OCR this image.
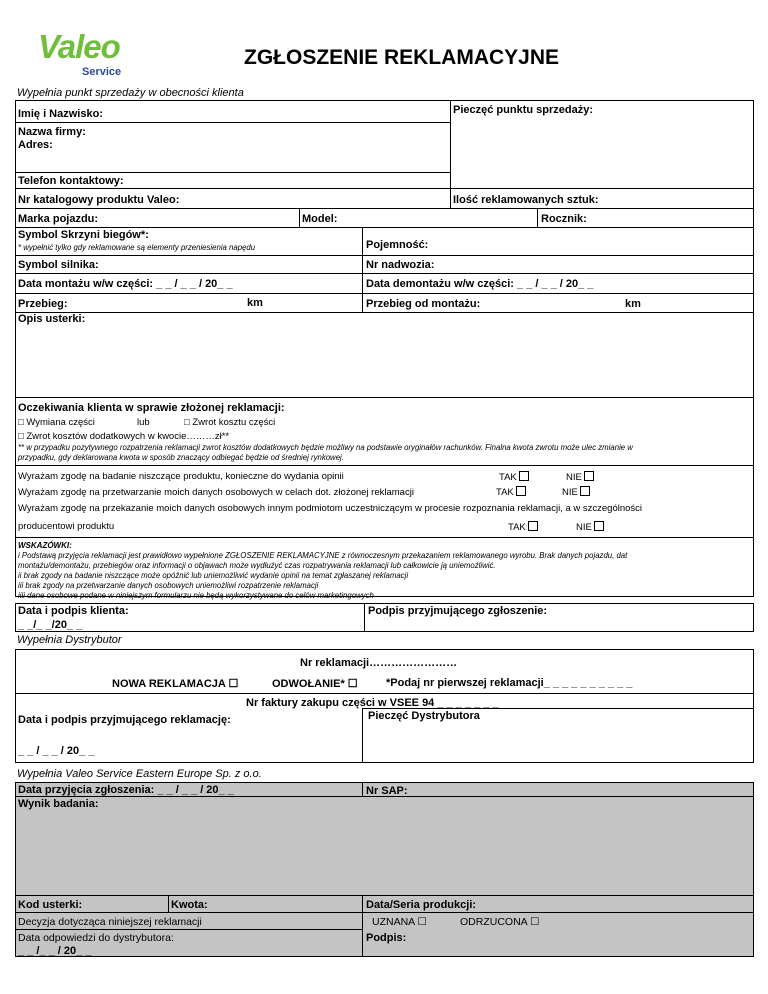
Valeo
Service
ZGŁOSZENIE REKLAMACYJNE
Wypełnia punkt sprzedaży w obecności klienta
Imię i Nazwisko:	Pieczęć punktu sprzedaży:
Nazwa firmy:
Adres:
Telefon kontaktowy:
Nr katalogowy produktu Valeo:	Ilość reklamowanych sztuk:
Marka pojazdu:	Model:	Rocznik:
Symbol Skrzyni biegów*:
* wypełnić tylko gdy reklamowane są elementy przeniesienia napędu	Pojemność:
Symbol silnika:	Nr nadwozia:
Data montażu w/w części: _ _ / _ _ / 20_ _	Data demontażu w/w części: _ _ / _ _ / 20_ _
Przebieg:	km	Przebieg od montażu:	km
Opis usterki:
Oczekiwania klienta w sprawie złożonej reklamacji:
□ Wymiana części	lub	□ Zwrot kosztu części
□ Zwrot kosztów dodatkowych w kwocie………zł**
** w przypadku pozytywnego rozpatrzenia reklamacji zwrot kosztów dodatkowych będzie możliwy na podstawie oryginałów rachunków. Finalna kwota zwrotu może ulec zmianie w
przypadku, gdy deklarowana kwota w sposób znaczący odbiegać będzie od średniej rynkowej.
Wyrażam zgodę na badanie niszczące produktu, konieczne do wydania opinii	TAK	NIE
Wyrażam zgodę na przetwarzanie moich danych osobowych w celach dot. złożonej reklamacji	TAK	NIE
Wyrażam zgodę na przekazanie moich danych osobowych innym podmiotom uczestniczącym w procesie rozpoznania reklamacji, a w szczególności
producentowi produktu	TAK	NIE
WSKAZÓWKI:
i Podstawą przyjęcia reklamacji jest prawidłowo wypełnione ZGŁOSZENIE REKLAMACYJNE z równoczesnym przekazaniem reklamowanego wyrobu. Brak danych pojazdu, dat
montażu/demontażu, przebiegów oraz informacji o objawach może wydłużyć czas rozpatrywania reklamacji lub całkowicie ją uniemożliwić.
ii brak zgody na badanie niszczące może opóźnić lub uniemożliwić wydanie opinii na temat zgłaszanej reklamacji
iii brak zgody na przetwarzanie danych osobowych uniemożliwi rozpatrzenie reklamacji
iiii dane osobowe podane w niniejszym formularzu nie będą wykorzystywane do celów marketingowych
Data i podpis klienta:
_ _/_ _/20_ _
Podpis przyjmującego zgłoszenie:
Wypełnia Dystrybutor
Nr reklamacji……………………
NOWA REKLAMACJA ☐	ODWOŁANIE* ☐	*Podaj nr pierwszej reklamacji_ _ _ _ _ _ _ _ _ _
Nr faktury zakupu części w VSEE 94 _ _ _ _ _ _ _
Data i podpis przyjmującego reklamację:	Pieczęć Dystrybutora
_ _ / _ _ / 20_ _
Wypełnia Valeo Service Eastern Europe Sp. z o.o.
Data przyjęcia zgłoszenia: _ _ / _ _ / 20_ _	Nr SAP:
Wynik badania:
Kod usterki:	Kwota:	Data/Seria produkcji:
Decyzja dotycząca niniejszej reklamacji	UZNANA ☐	ODRZUCONA ☐
Data odpowiedzi do dystrybutora:	Podpis:
_ _ /_ _ / 20_ _
